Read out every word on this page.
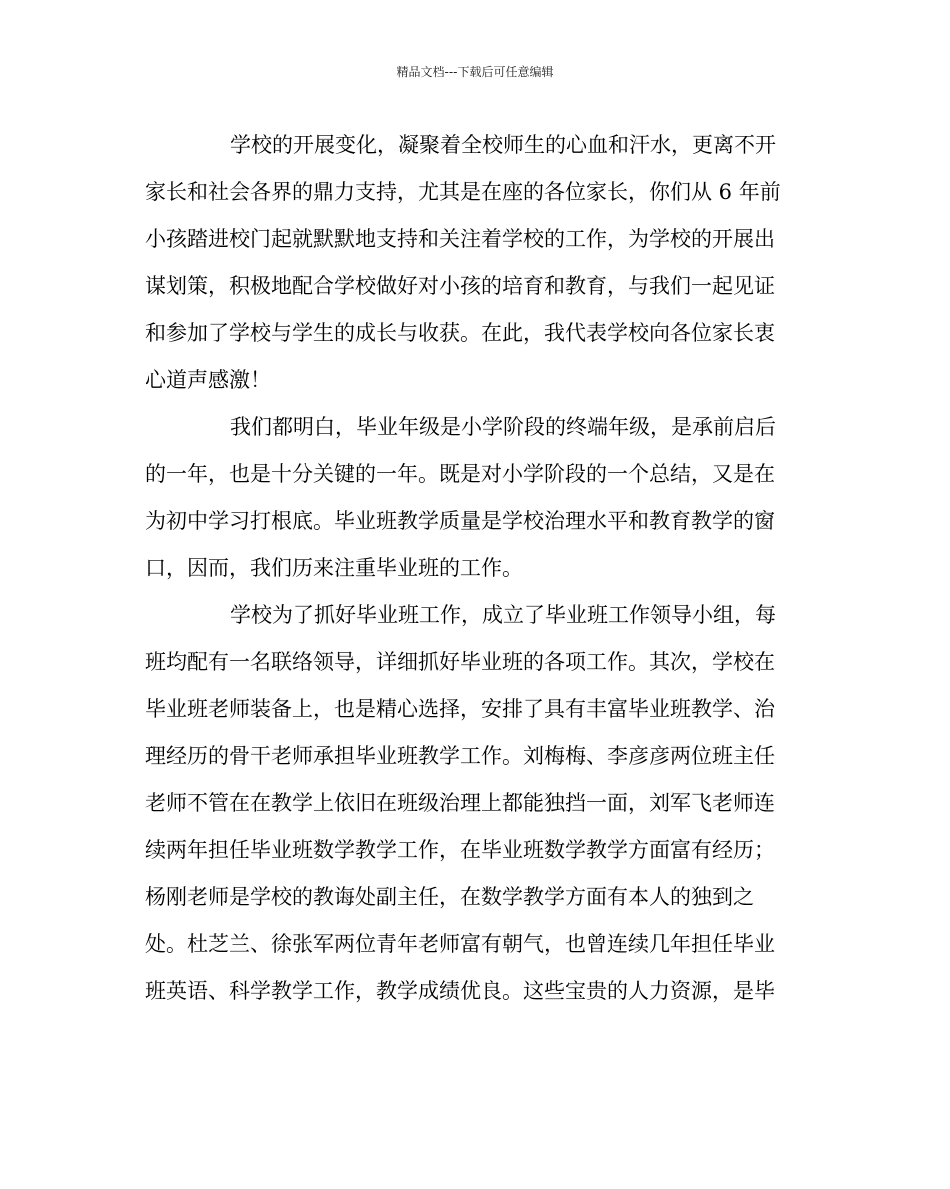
精品文档---下载后可任意编辑
学校的开展变化，凝聚着全校师生的心血和汗水，更离不开
家长和社会各界的鼎力支持，尤其是在座的各位家长，你们从 6 年前
小孩踏进校门起就默默地支持和关注着学校的工作，为学校的开展出
谋划策，积极地配合学校做好对小孩的培育和教育，与我们一起见证
和参加了学校与学生的成长与收获。在此，我代表学校向各位家长衷
心道声感激！
我们都明白，毕业年级是小学阶段的终端年级，是承前启后
的一年，也是十分关键的一年。既是对小学阶段的一个总结，又是在
为初中学习打根底。毕业班教学质量是学校治理水平和教育教学的窗
口，因而，我们历来注重毕业班的工作。
学校为了抓好毕业班工作，成立了毕业班工作领导小组，每
班均配有一名联络领导，详细抓好毕业班的各项工作。其次，学校在
毕业班老师装备上，也是精心选择，安排了具有丰富毕业班教学、治
理经历的骨干老师承担毕业班教学工作。刘梅梅、李彦彦两位班主任
老师不管在在教学上依旧在班级治理上都能独挡一面，刘军飞老师连
续两年担任毕业班数学教学工作，在毕业班数学教学方面富有经历；
杨刚老师是学校的教诲处副主任，在数学教学方面有本人的独到之
处。杜芝兰、徐张军两位青年老师富有朝气，也曾连续几年担任毕业
班英语、科学教学工作，教学成绩优良。这些宝贵的人力资源，是毕
